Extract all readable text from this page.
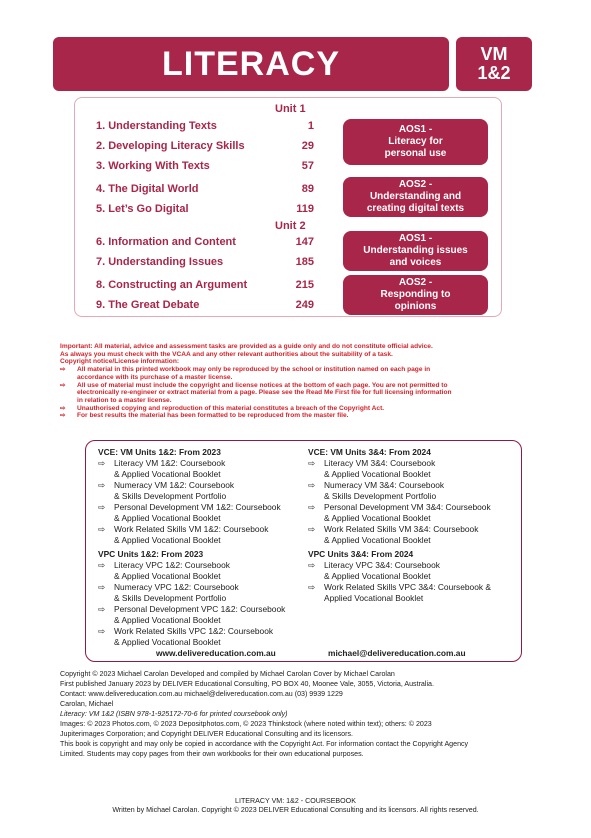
LITERACY	VM
1&2
Unit 1
Unit 2
1. Understanding Texts	1
2. Developing Literacy Skills	29
3. Working With Texts	57
4. The Digital World	89
5. Let’s Go Digital	119
6. Information and Content	147
7. Understanding Issues	185
8. Constructing an Argument	215
9. The Great Debate	249
AOS1 -
Literacy for
personal use
AOS2 -
Understanding and
creating digital texts
AOS1 -
Understanding issues
and voices
AOS2 -
Responding to
opinions
Important: All material, advice and assessment tasks are provided as a guide only and do not constitute official advice.
As always you must check with the VCAA and any other relevant authorities about the suitability of a task.
Copyright notice/License information:
⇨ All material in this printed workbook may only be reproduced by the school or institution named on each page in
accordance with its purchase of a master license.
⇨ All use of material must include the copyright and license notices at the bottom of each page. You are not permitted to
electronically re-engineer or extract material from a page. Please see the Read Me First file for full licensing information
in relation to a master license.
⇨ Unauthorised copying and reproduction of this material constitutes a breach of the Copyright Act.
⇨ For best results the material has been formatted to be reproduced from the master file.
VCE: VM Units 1&2: From 2023
⇨ Literacy VM 1&2: Coursebook
& Applied Vocational Booklet
⇨ Numeracy VM 1&2: Coursebook
& Skills Development Portfolio
⇨ Personal Development VM 1&2: Coursebook
& Applied Vocational Booklet
⇨ Work Related Skills VM 1&2: Coursebook
& Applied Vocational Booklet
VPC Units 1&2: From 2023
⇨ Literacy VPC 1&2: Coursebook
& Applied Vocational Booklet
⇨ Numeracy VPC 1&2: Coursebook
& Skills Development Portfolio
⇨ Personal Development VPC 1&2: Coursebook
& Applied Vocational Booklet
⇨ Work Related Skills VPC 1&2: Coursebook
& Applied Vocational Booklet
VCE: VM Units 3&4: From 2024
⇨ Literacy VM 3&4: Coursebook
& Applied Vocational Booklet
⇨ Numeracy VM 3&4: Coursebook
& Skills Development Portfolio
⇨ Personal Development VM 3&4: Coursebook
& Applied Vocational Booklet
⇨ Work Related Skills VM 3&4: Coursebook
& Applied Vocational Booklet
VPC Units 3&4: From 2024
⇨ Literacy VPC 3&4: Coursebook
& Applied Vocational Booklet
⇨ Work Related Skills VPC 3&4: Coursebook &
Applied Vocational Booklet
www.delivereducation.com.au	michael@delivereducation.com.au
Copyright © 2023 Michael Carolan Developed and compiled by Michael Carolan Cover by Michael Carolan
First published January 2023 by DELIVER Educational Consulting, PO BOX 40, Moonee Vale, 3055, Victoria, Australia.
Contact: www.delivereducation.com.au michael@delivereducation.com.au (03) 9939 1229
Carolan, Michael
Literacy: VM 1&2 (ISBN 978-1-925172-70-6 for printed coursebook only)
Images: © 2023 Photos.com, © 2023 Depositphotos.com, © 2023 Thinkstock (where noted within text); others: © 2023
Jupiterimages Corporation; and Copyright DELIVER Educational Consulting and its licensors.
This book is copyright and may only be copied in accordance with the Copyright Act. For information contact the Copyright Agency
Limited. Students may copy pages from their own workbooks for their own educational purposes.
LITERACY VM: 1&2 - COURSEBOOK
Written by Michael Carolan. Copyright © 2023 DELIVER Educational Consulting and its licensors. All rights reserved.
